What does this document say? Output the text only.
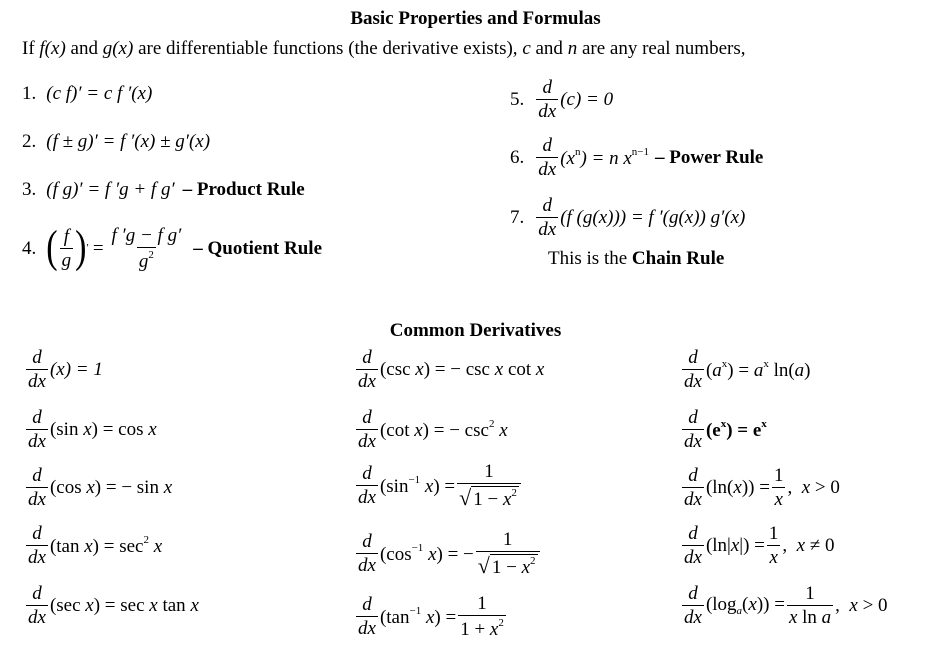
Basic Properties and Formulas
If f(x) and g(x) are differentiable functions (the derivative exists), c and n are any real numbers,
1. (c f)′ = c f ′(x)
2. (f ± g)′ = f ′(x) ± g′(x)
3. (f g)′ = f ′g + f g′ – Product Rule
4. ( $\frac{f}{g}$ ) ′ = $\frac{\text{f ′g − f g′}}{g^2}$ – Quotient Rule
5. $\frac{d}{dx} (c) = 0$
6. $\frac{d}{dx} (x^n) = n$ $x^{n-1}$ – Power Rule
7. $\frac{d}{dx} (f$ (g(x))) = f ′(g(x)) g′(x)
This is the Chain Rule
Common Derivatives
$\frac{d}{dx} (x) = 1$
$\frac{d}{dx} (\sin$ x) = cos x
$\frac{d}{dx} (\cos$ x) = − sin x
$\frac{d}{dx} (\tan$ $x) = \sec^2 x$
$\frac{d}{dx} (\sec$ x) = sec x tan x
$\frac{d}{dx} (\csc$ x) = − csc x cot x
$\frac{d}{dx} (\cot$ x) = − $\csc^2 x$
$\frac{d}{dx} (\sin^{-1}$ $x) = \frac{1}{√ 1 - x^2}$
$\frac{d}{dx} (\cos^{-1}$ x) = − $\frac{1}{√ 1 - x^2}$
$\frac{d}{dx} (\tan^{-1}$ $x) = \frac{1}{1 + x^2}$
$\frac{d}{dx} (a^x) = a^x$ ln(a)
$\frac{d}{dx} (e^x) = e^x$
$\frac{d}{dx} (\ln(x)) = \frac{1}{x}$ ,  x > 0
$\frac{d}{dx} (\ln|x|) = \frac{1}{x}$ ,  x ≠ 0
$\frac{d}{dx} (\log_a(x)) = \frac{1}{\text{x ln a}}$ ,  x > 0
